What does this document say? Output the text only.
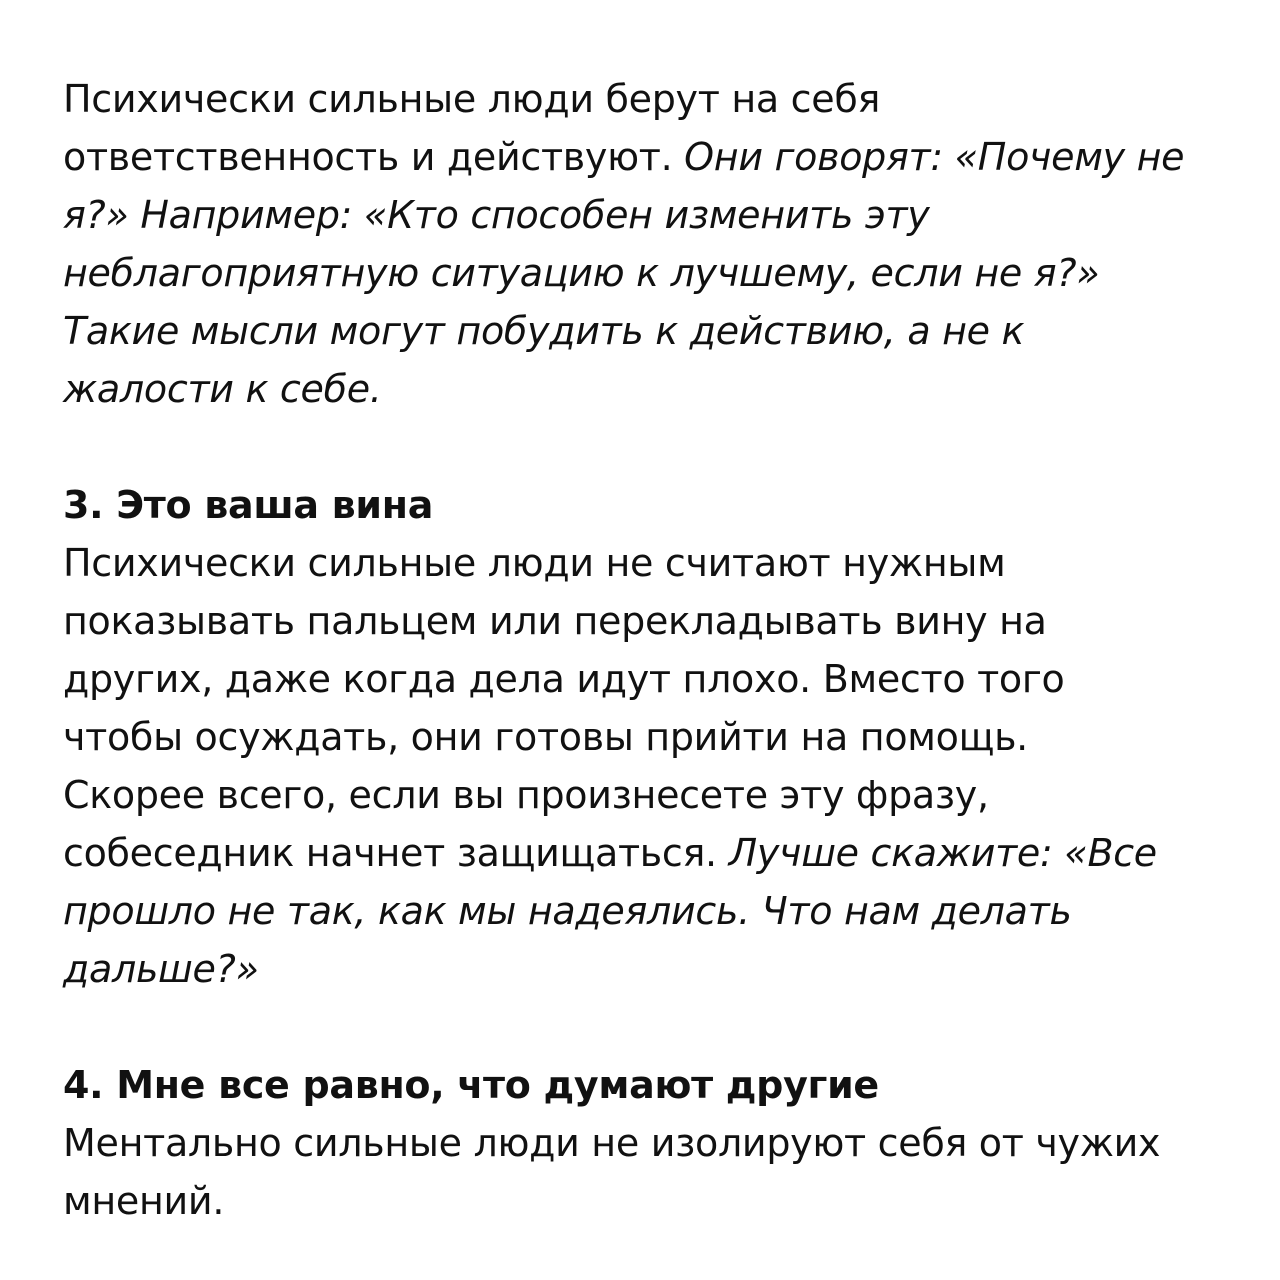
Психически сильные люди берут на себя
ответственность и действуют. Они говорят: «Почему не
я?» Например: «Кто способен изменить эту
неблагоприятную ситуацию к лучшему, если не я?»
Такие мысли могут побудить к действию, а не к
жалости к себе.
3. Это ваша вина
Психически сильные люди не считают нужным
показывать пальцем или перекладывать вину на
других, даже когда дела идут плохо. Вместо того
чтобы осуждать, они готовы прийти на помощь.
Скорее всего, если вы произнесете эту фразу,
собеседник начнет защищаться. Лучше скажите: «Все
прошло не так, как мы надеялись. Что нам делать
дальше?»
4. Мне все равно, что думают другие
Ментально сильные люди не изолируют себя от чужих
мнений.
